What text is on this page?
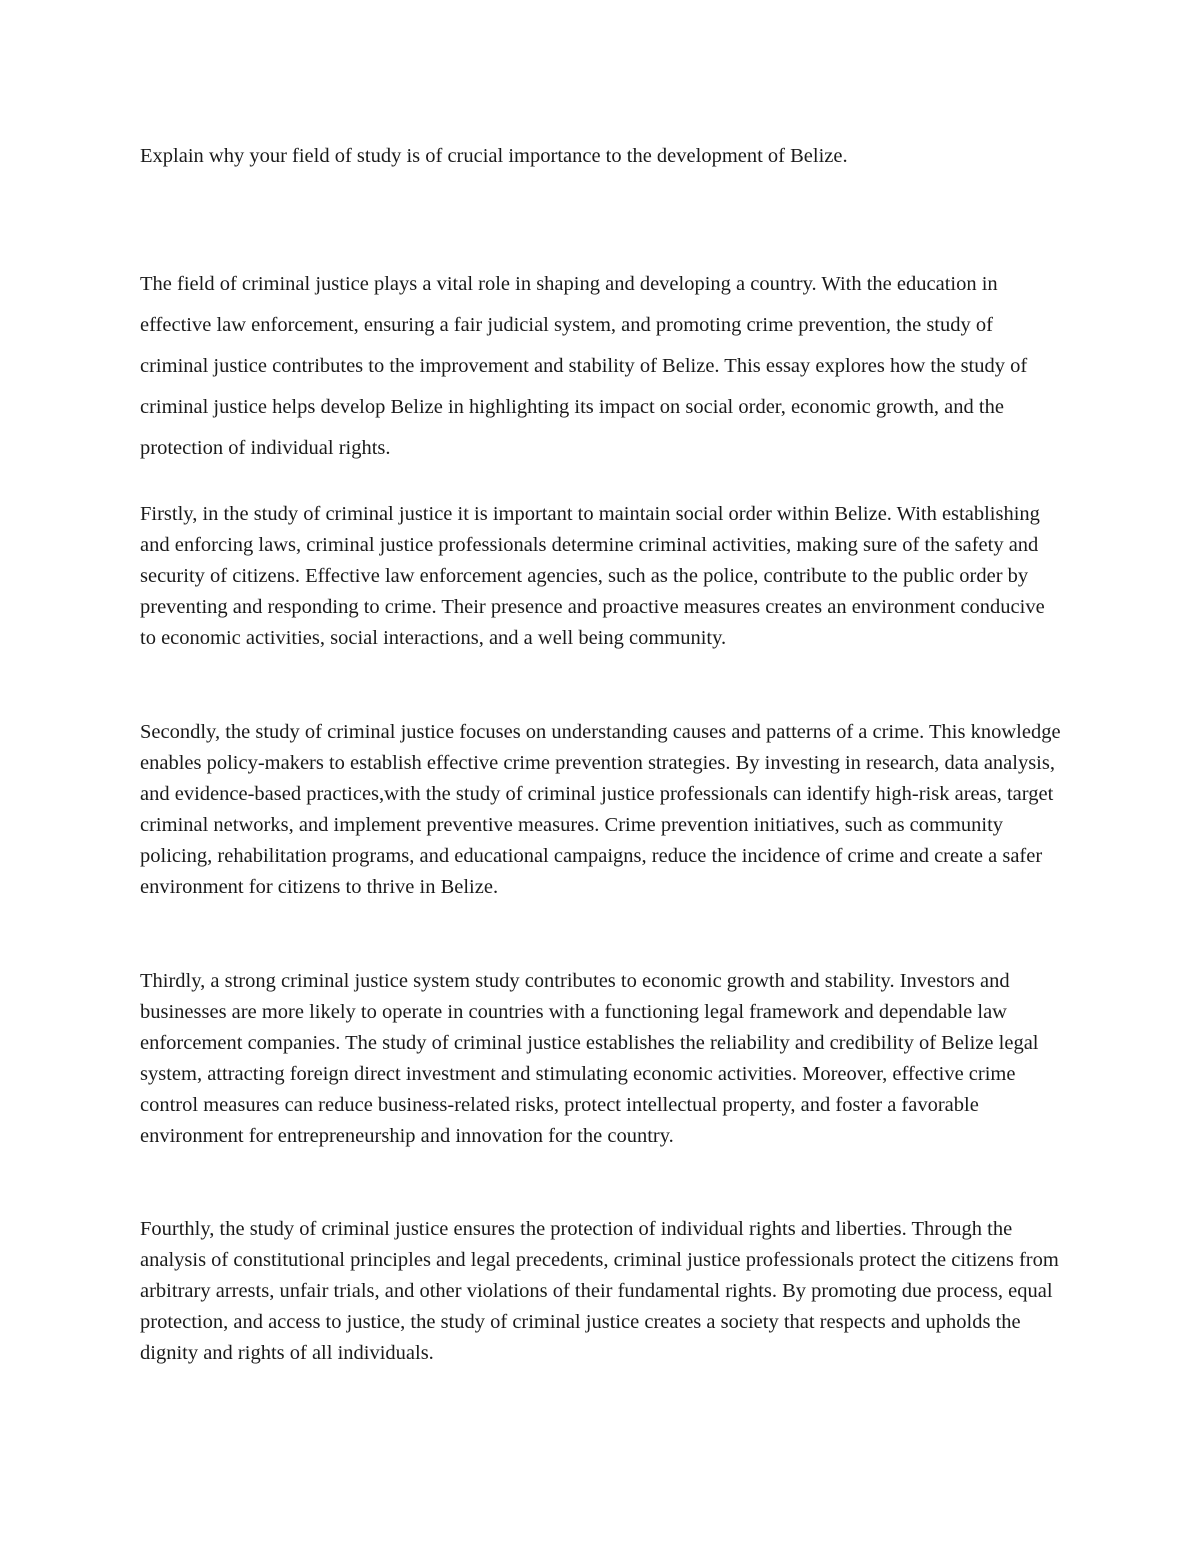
Explain why your field of study is of crucial importance to the development of Belize.

The field of criminal justice plays a vital role in shaping and developing a country. With the education in effective law enforcement, ensuring a fair judicial system, and promoting crime prevention, the study of criminal justice contributes to the improvement and stability of Belize. This essay explores how the study of criminal justice helps develop Belize in highlighting its impact on social order, economic growth, and the protection of individual rights.

Firstly, in the study of criminal justice it is important to maintain social order within Belize. With establishing and enforcing laws, criminal justice professionals determine criminal activities, making sure of the safety and security of citizens. Effective law enforcement agencies, such as the police, contribute to the public order by preventing and responding to crime. Their presence and proactive measures creates an environment conducive to economic activities, social interactions, and a well being community.

Secondly, the study of criminal justice focuses on understanding causes and patterns of a crime. This knowledge enables policy-makers to establish effective crime prevention strategies. By investing in research, data analysis, and evidence-based practices,with the study of criminal justice professionals can identify high-risk areas, target criminal networks, and implement preventive measures. Crime prevention initiatives, such as community policing, rehabilitation programs, and educational campaigns, reduce the incidence of crime and create a safer environment for citizens to thrive in Belize.

Thirdly, a strong criminal justice system study contributes to economic growth and stability. Investors and businesses are more likely to operate in countries with a functioning legal framework and dependable law enforcement companies. The study of criminal justice establishes the reliability and credibility of Belize legal system, attracting foreign direct investment and stimulating economic activities. Moreover, effective crime control measures can reduce business-related risks, protect intellectual property, and foster a favorable environment for entrepreneurship and innovation for the country.

Fourthly, the study of criminal justice ensures the protection of individual rights and liberties. Through the analysis of constitutional principles and legal precedents, criminal justice professionals protect the citizens from arbitrary arrests, unfair trials, and other violations of their fundamental rights. By promoting due process, equal protection, and access to justice, the study of criminal justice creates a society that respects and upholds the dignity and rights of all individuals.
